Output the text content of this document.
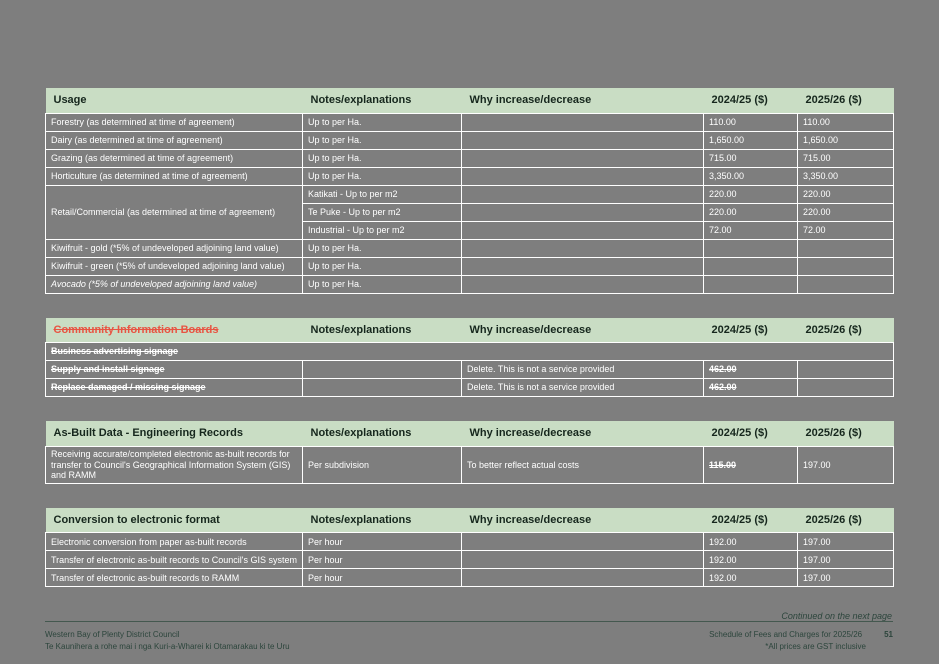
Usage	Notes/explanations	Why increase/decrease	2024/25 ($)	2025/26 ($)
Forestry (as determined at time of agreement)	Up to per Ha.		110.00	110.00
Dairy (as determined at time of agreement)	Up to per Ha.		1,650.00	1,650.00
Grazing (as determined at time of agreement)	Up to per Ha.		715.00	715.00
Horticulture (as determined at time of agreement)	Up to per Ha.		3,350.00	3,350.00
Retail/Commercial (as determined at time of agreement)	Katikati - Up to per m2		220.00	220.00
	Te Puke - Up to per m2		220.00	220.00
	Industrial - Up to per m2		72.00	72.00
Kiwifruit - gold (*5% of undeveloped adjoining land value)	Up to per Ha.			
Kiwifruit - green (*5% of undeveloped adjoining land value)	Up to per Ha.			
Avocado (*5% of undeveloped adjoining land value)	Up to per Ha.			
Community Information Boards	Notes/explanations	Why increase/decrease	2024/25 ($)	2025/26 ($)
Business advertising signage				
Supply and install signage		Delete. This is not a service provided	462.00	
Replace damaged / missing signage		Delete. This is not a service provided	462.00	
As-Built Data - Engineering Records	Notes/explanations	Why increase/decrease	2024/25 ($)	2025/26 ($)
Receiving accurate/completed electronic as-built records for transfer to Council's Geographical Information System (GIS) and RAMM	Per subdivision	To better reflect actual costs	115.00	197.00
Conversion to electronic format	Notes/explanations	Why increase/decrease	2024/25 ($)	2025/26 ($)
Electronic conversion from paper as-built records	Per hour		192.00	197.00
Transfer of electronic as-built records to Council's GIS system	Per hour		192.00	197.00
Transfer of electronic as-built records to RAMM	Per hour		192.00	197.00
Continued on the next page
Western Bay of Plenty District Council
Te Kaunihera a rohe mai i nga Kuri-a-Wharei ki Otamarakau ki te Uru
Schedule of Fees and Charges for 2025/26	51
*All prices are GST inclusive
